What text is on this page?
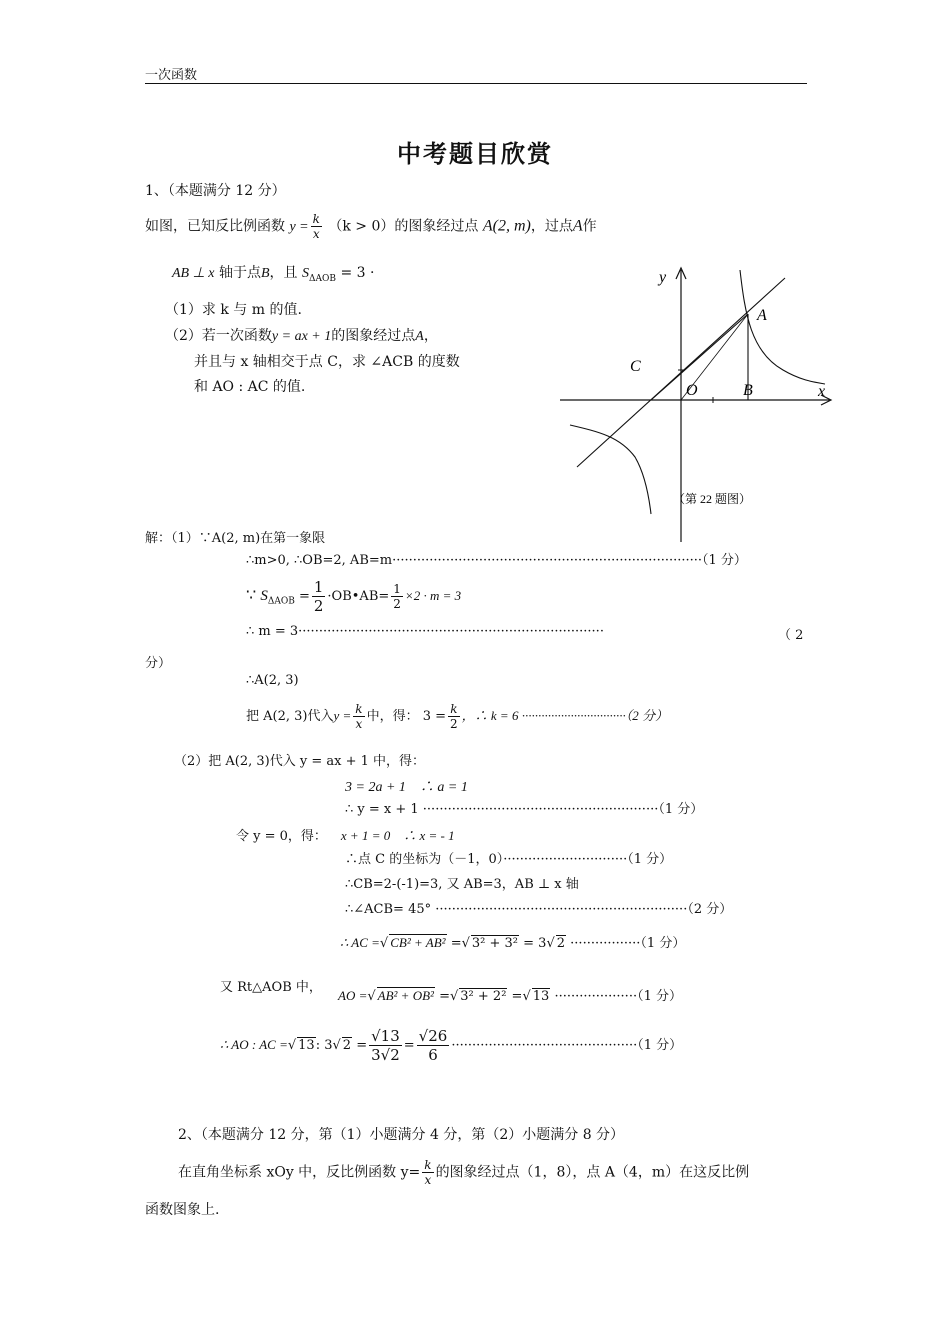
一次函数
中考题目欣赏
1、（本题满分 12 分）
如图，已知反比例函数 $y = \frac{k}{x} (k > 0)$的图象经过点 A(2, m)，过点A作
AB ⊥ x 轴于点B，且 $S_{\Delta AOB} = 3$ ·
（1）求 k 与 m 的值.
（2）若一次函数y = ax + 1的图象经过点A，
并且与 x 轴相交于点 C，求 ∠ACB 的度数
和 AO : AC 的值.
y
x
A
B
C
O
（第 22 题图）
解：（1）∵A(2, m)在第一象限
∴m>0, ∴OB=2, AB=m···········································································（1 分）
∵ $S_{\Delta AOB} = \frac{1}{2}$ ·OB•AB= $\frac{1}{2} \times 2 \cdot m = 3$
∴ m = 3··········································································	（ 2
分）
∴A(2, 3)
把 A(2, 3)代入$y = \frac{k}{x}$ 中，得： $3 = \frac{k}{2}$ ，∴ k = 6 ································（2 分）
（2）把 A(2, 3)代入 y = ax + 1 中，得：
3 = 2a + 1　∴ a = 1
∴ y = x + 1 ·························································（1 分）
令 y = 0，得： x + 1 = 0　∴ x = - 1
∴点 C 的坐标为（－1，0）······························（1 分）
∴CB=2-(-1)=3, 又 AB=3，AB ⊥ x 轴
∴∠ACB= 45° ·····························································（2 分）
∴ AC = √ CB² + AB² = √ 3² + 3² = 3 √ 2 ·················（1 分）
又 Rt△AOB 中，
AO = √ AB² + OB² = √ 3² + 2² = √ 13 ····················（1 分）
∴ AO : AC = √ 13: 3 √ $2 = \frac{√13}{3√2} = \frac{√26}{6} \cdot\cdot\cdot\cdot\cdot\cdot\cdot\cdot\cdot\cdot\cdot\cdot\cdot\cdot\cdot\cdot\cdot\cdot\cdot\cdot\cdot\cdot\cdot\cdot\cdot\cdot\cdot\cdot\cdot\cdot\cdot\cdot\cdot\cdot\cdot\cdot\cdot\cdot\cdot\cdot\cdot\cdot\cdot\cdot\cdot(1$ 分）
2、（本题满分 12 分，第（1）小题满分 4 分，第（2）小题满分 8 分）
在直角坐标系 xOy 中，反比例函数 $y= \frac{k}{x}$ 的图象经过点（1，8），点 A（4，m）在这反比例
函数图象上.
